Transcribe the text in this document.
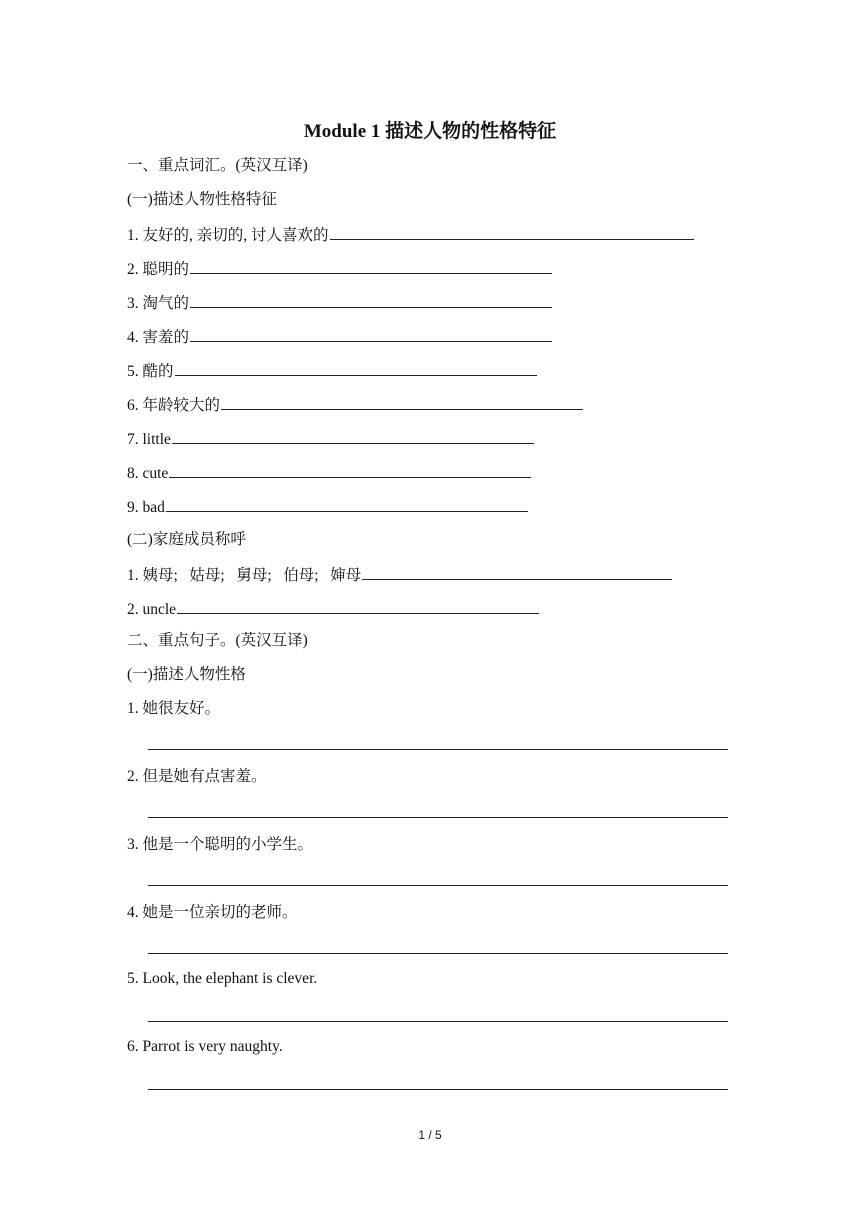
Module 1 描述人物的性格特征
一、重点词汇。(英汉互译)
(一)描述人物性格特征
1. 友好的, 亲切的, 讨人喜欢的
2. 聪明的
3. 淘气的
4. 害羞的
5. 酷的
6. 年龄较大的
7. little
8. cute
9. bad
(二)家庭成员称呼
1. 姨母;   姑母;   舅母;   伯母;   婶母
2. uncle
二、重点句子。(英汉互译)
(一)描述人物性格
1. 她很友好。
2. 但是她有点害羞。
3. 他是一个聪明的小学生。
4. 她是一位亲切的老师。
5. Look, the elephant is clever.
6. Parrot is very naughty.
1 / 5
